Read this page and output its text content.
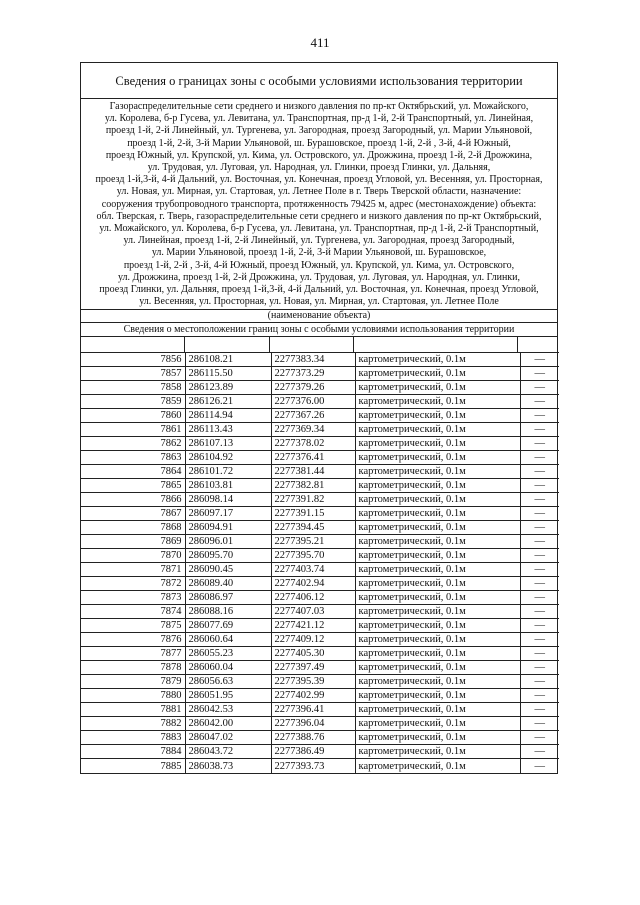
411
Сведения о границах зоны с особыми условиями использования территории
Газораспределительные сети среднего и низкого давления по пр-кт Октябрьский, ул. Можайского,
ул. Королева, б-р Гусева, ул. Левитана, ул. Транспортная, пр-д 1-й, 2-й Транспортный, ул. Линейная,
проезд 1-й, 2-й Линейный, ул. Тургенева, ул. Загородная, проезд Загородный, ул. Марии Ульяновой,
проезд 1-й, 2-й, 3-й Марии Ульяновой, ш. Бурашовское, проезд 1-й, 2-й , 3-й, 4-й Южный,
проезд Южный, ул. Крупской, ул. Кима, ул. Островского, ул. Дрожжина, проезд 1-й, 2-й Дрожжина,
ул. Трудовая, ул. Луговая, ул. Народная, ул. Глинки, проезд Глинки, ул. Дальняя,
проезд 1-й,3-й, 4-й Дальний, ул. Восточная, ул. Конечная, проезд Угловой, ул. Весенняя, ул. Просторная,
ул. Новая, ул. Мирная, ул. Стартовая, ул. Летнее Поле в г. Тверь Тверской области, назначение:
сооружения трубопроводного транспорта, протяженность 79425 м, адрес (местонахождение) объекта:
обл. Тверская, г. Тверь, газораспределительные сети среднего и низкого давления по пр-кт Октябрьский,
ул. Можайского, ул. Королева, б-р Гусева, ул. Левитана, ул. Транспортная, пр-д 1-й, 2-й Транспортный,
ул. Линейная, проезд 1-й, 2-й Линейный, ул. Тургенева, ул. Загородная, проезд Загородный,
ул. Марии Ульяновой, проезд 1-й, 2-й, 3-й Марии Ульяновой, ш. Бурашовское,
проезд 1-й, 2-й , 3-й, 4-й Южный, проезд Южный, ул. Крупской, ул. Кима, ул. Островского,
ул. Дрожжина, проезд 1-й, 2-й Дрожжина, ул. Трудовая, ул. Луговая, ул. Народная, ул. Глинки,
проезд Глинки, ул. Дальняя, проезд 1-й,3-й, 4-й Дальний, ул. Восточная, ул. Конечная, проезд Угловой,
ул. Весенняя, ул. Просторная, ул. Новая, ул. Мирная, ул. Стартовая, ул. Летнее Поле
(наименование объекта)
Сведения о местоположении границ зоны с особыми условиями использования территории
7856	286108.21	2277383.34	картометрический, 0.1м	—
7857	286115.50	2277373.29	картометрический, 0.1м	—
7858	286123.89	2277379.26	картометрический, 0.1м	—
7859	286126.21	2277376.00	картометрический, 0.1м	—
7860	286114.94	2277367.26	картометрический, 0.1м	—
7861	286113.43	2277369.34	картометрический, 0.1м	—
7862	286107.13	2277378.02	картометрический, 0.1м	—
7863	286104.92	2277376.41	картометрический, 0.1м	—
7864	286101.72	2277381.44	картометрический, 0.1м	—
7865	286103.81	2277382.81	картометрический, 0.1м	—
7866	286098.14	2277391.82	картометрический, 0.1м	—
7867	286097.17	2277391.15	картометрический, 0.1м	—
7868	286094.91	2277394.45	картометрический, 0.1м	—
7869	286096.01	2277395.21	картометрический, 0.1м	—
7870	286095.70	2277395.70	картометрический, 0.1м	—
7871	286090.45	2277403.74	картометрический, 0.1м	—
7872	286089.40	2277402.94	картометрический, 0.1м	—
7873	286086.97	2277406.12	картометрический, 0.1м	—
7874	286088.16	2277407.03	картометрический, 0.1м	—
7875	286077.69	2277421.12	картометрический, 0.1м	—
7876	286060.64	2277409.12	картометрический, 0.1м	—
7877	286055.23	2277405.30	картометрический, 0.1м	—
7878	286060.04	2277397.49	картометрический, 0.1м	—
7879	286056.63	2277395.39	картометрический, 0.1м	—
7880	286051.95	2277402.99	картометрический, 0.1м	—
7881	286042.53	2277396.41	картометрический, 0.1м	—
7882	286042.00	2277396.04	картометрический, 0.1м	—
7883	286047.02	2277388.76	картометрический, 0.1м	—
7884	286043.72	2277386.49	картометрический, 0.1м	—
7885	286038.73	2277393.73	картометрический, 0.1м	—
